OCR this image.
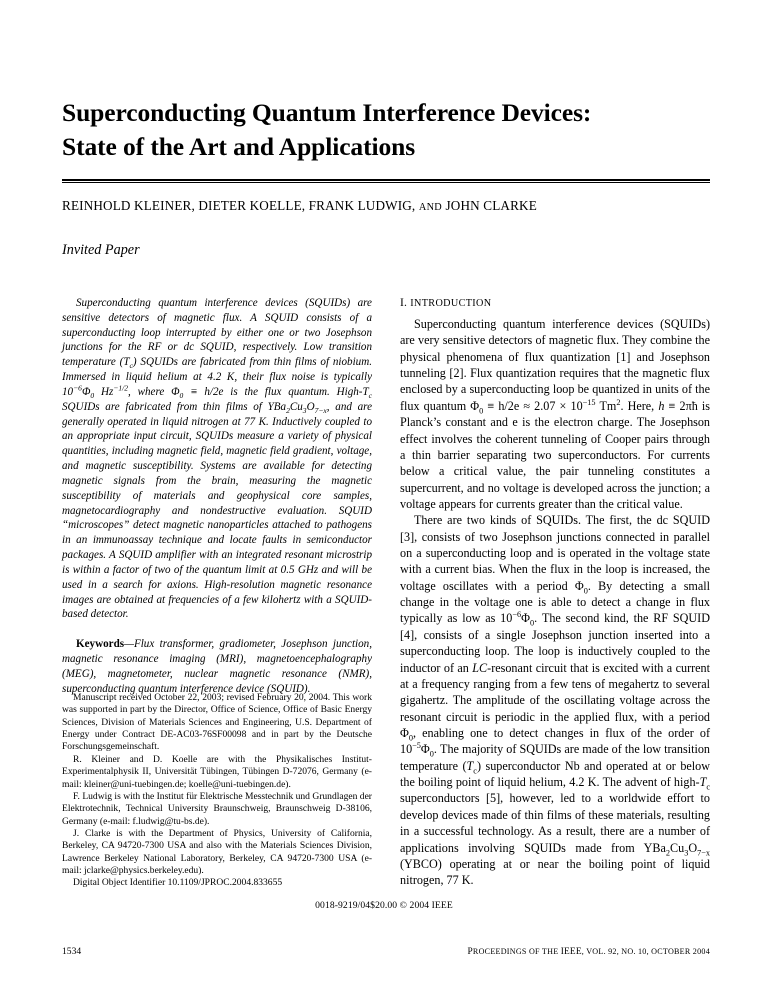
Superconducting Quantum Interference Devices:
State of the Art and Applications
REINHOLD KLEINER, DIETER KOELLE, FRANK LUDWIG, AND JOHN CLARKE
Invited Paper

Superconducting quantum interference devices (SQUIDs) are sensitive detectors of magnetic flux. A SQUID consists of a superconducting loop interrupted by either one or two Josephson junctions for the RF or dc SQUID, respectively. Low transition temperature $(T_c)$ SQUIDs are fabricated from thin films of niobium. Immersed in liquid helium at 4.2 K, their flux noise is typically $10^{-6}\Phi_0$ $Hz^{-1/2}$, where $\Phi_0 \equiv h/2e$ is the flux quantum. High-$T_c$ SQUIDs are fabricated from thin films of $YBa_2Cu_3O_{7-x}$, and are generally operated in liquid nitrogen at 77 K. Inductively coupled to an appropriate input circuit, SQUIDs measure a variety of physical quantities, including magnetic field, magnetic field gradient, voltage, and magnetic susceptibility. Systems are available for detecting magnetic signals from the brain, measuring the magnetic susceptibility of materials and geophysical core samples, magnetocardiography and nondestructive evaluation. SQUID “microscopes” detect magnetic nanoparticles attached to pathogens in an immunoassay technique and locate faults in semiconductor packages. A SQUID amplifier with an integrated resonant microstrip is within a factor of two of the quantum limit at 0.5 GHz and will be used in a search for axions. High-resolution magnetic resonance images are obtained at frequencies of a few kilohertz with a SQUID-based detector.

Keywords—Flux transformer, gradiometer, Josephson junction, magnetic resonance imaging (MRI), magnetoencephalography (MEG), magnetometer, nuclear magnetic resonance (NMR), superconducting quantum interference device (SQUID).

I. INTRODUCTION

Superconducting quantum interference devices (SQUIDs) are very sensitive detectors of magnetic flux. They combine the physical phenomena of flux quantization [1] and Josephson tunneling [2]. Flux quantization requires that the magnetic flux enclosed by a superconducting loop be quantized in units of the flux quantum $\Phi_0 \equiv h/2e \approx 2.07 \times 10^{-15}$ Tm$^2$. Here, h ≡ 2πħ is Planck’s constant and e is the electron charge. The Josephson effect involves the coherent tunneling of Cooper pairs through a thin barrier separating two superconductors. For currents below a critical value, the pair tunneling constitutes a supercurrent, and no voltage is developed across the junction; a voltage appears for currents greater than the critical value.

There are two kinds of SQUIDs. The first, the dc SQUID [3], consists of two Josephson junctions connected in parallel on a superconducting loop and is operated in the voltage state with a current bias. When the flux in the loop is increased, the voltage oscillates with a period $\Phi_0$. By detecting a small change in the voltage one is able to detect a change in flux typically as low as $10^{-6}\Phi_0$. The second kind, the RF SQUID [4], consists of a single Josephson junction inserted into a superconducting loop. The loop is inductively coupled to the inductor of an LC-resonant circuit that is excited with a current at a frequency ranging from a few tens of megahertz to several gigahertz. The amplitude of the oscillating voltage across the resonant circuit is periodic in the applied flux, with a period $\Phi_0$, enabling one to detect changes in flux of the order of $10^{-5}\Phi_0$. The majority of SQUIDs are made of the low transition temperature $(T_c)$ superconductor Nb and operated at or below the boiling point of liquid helium, 4.2 K. The advent of high-$T_c$ superconductors [5], however, led to a worldwide effort to develop devices made of thin films of these materials, resulting in a successful technology. As a result, there are a number of applications involving SQUIDs made from $YBa_2Cu_3O_{7-x}$ (YBCO) operating at or near the boiling point of liquid nitrogen, 77 K.

Manuscript received October 22, 2003; revised February 20, 2004. This work was supported in part by the Director, Office of Science, Office of Basic Energy Sciences, Division of Materials Sciences and Engineering, U.S. Department of Energy under Contract DE-AC03-76SF00098 and in part by the Deutsche Forschungsgemeinschaft.

R. Kleiner and D. Koelle are with the Physikalisches Institut-Experimentalphysik II, Universität Tübingen, Tübingen D-72076, Germany (e-mail: kleiner@uni-tuebingen.de; koelle@uni-tuebingen.de).

F. Ludwig is with the Institut für Elektrische Messtechnik und Grundlagen der Elektrotechnik, Technical University Braunschweig, Braunschweig D-38106, Germany (e-mail: f.ludwig@tu-bs.de).

J. Clarke is with the Department of Physics, University of California, Berkeley, CA 94720-7300 USA and also with the Materials Sciences Division, Lawrence Berkeley National Laboratory, Berkeley, CA 94720-7300 USA (e-mail: jclarke@physics.berkeley.edu).

Digital Object Identifier 10.1109/JPROC.2004.833655

0018-9219/04$20.00 © 2004 IEEE
1534	PROCEEDINGS OF THE IEEE, VOL. 92, NO. 10, OCTOBER 2004
